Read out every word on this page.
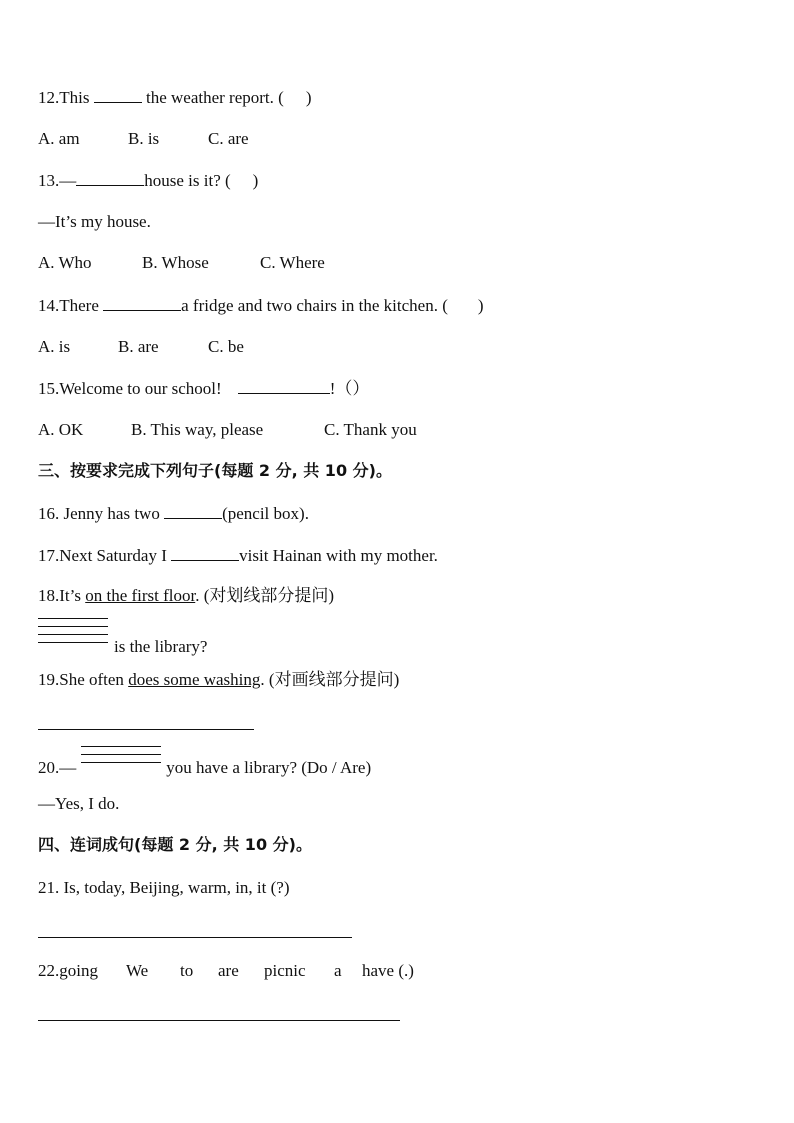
12.This	the weather report. ( )
A. am	B. is	C. are
13.—	house is it? ( )
—It’s my house.
A. Who	B. Whose	C. Where
14.There	a fridge and two chairs in the kitchen. ( )
A. is	B. are	C. be
15.Welcome to our school!	!（）
A. OK	B. This way, please	C. Thank you
三、按要求完成下列句子(每题 2 分, 共 10 分)。
16. Jenny has two	(pencil box).
17.Next Saturday I	visit Hainan with my mother.
18.It’s on the first floor. (对划线部分提问)
is the library?
19.She often does some washing. (对画线部分提问)
20.—	you have a library? (Do / Are)
—Yes, I do.
四、连词成句(每题 2 分, 共 10 分)。
21. Is, today, Beijing, warm, in, it (?)
22.going We to are picnic a have (.)
